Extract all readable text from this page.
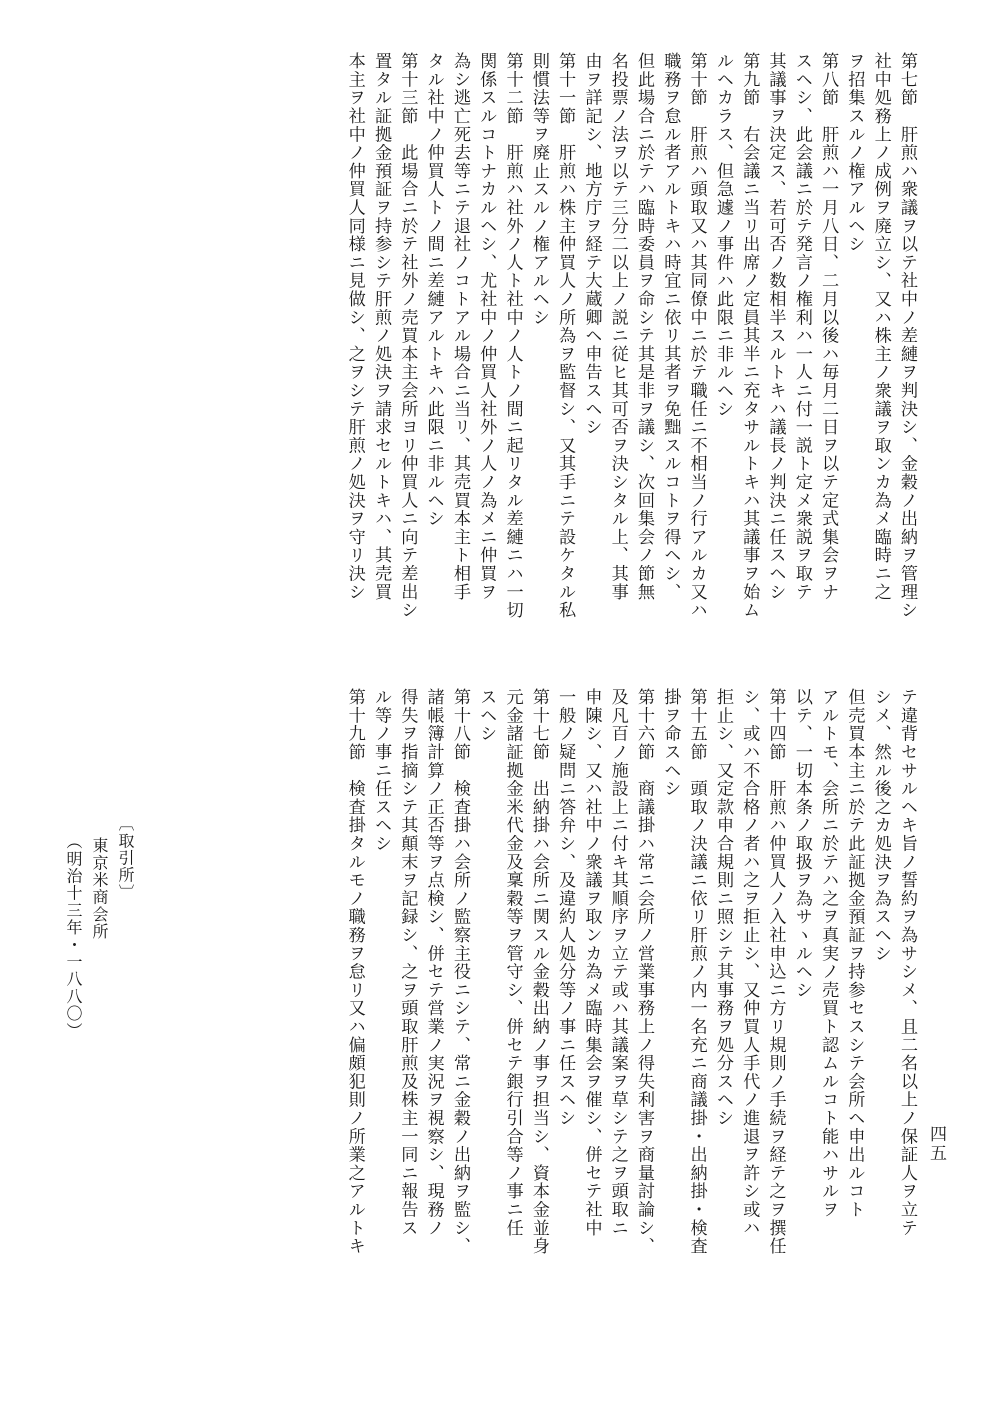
第七節　肝煎ハ衆議ヲ以テ社中ノ差縺ヲ判決シ、金穀ノ出納ヲ管理シ
社中処務上ノ成例ヲ廃立シ、又ハ株主ノ衆議ヲ取ンカ為メ臨時ニ之
ヲ招集スルノ権アルヘシ
第八節　肝煎ハ一月八日、二月以後ハ毎月二日ヲ以テ定式集会ヲナ
スヘシ、此会議ニ於テ発言ノ権利ハ一人ニ付一説ト定メ衆説ヲ取テ
其議事ヲ決定ス、若可否ノ数相半スルトキハ議長ノ判決ニ任スヘシ
第九節　右会議ニ当リ出席ノ定員其半ニ充タサルトキハ其議事ヲ始ム
ルヘカラス、但急遽ノ事件ハ此限ニ非ルヘシ
第十節　肝煎ハ頭取又ハ其同僚中ニ於テ職任ニ不相当ノ行アルカ又ハ
職務ヲ怠ル者アルトキハ時宜ニ依リ其者ヲ免黜スルコトヲ得ヘシ、
但此場合ニ於テハ臨時委員ヲ命シテ其是非ヲ議シ、次回集会ノ節無
名投票ノ法ヲ以テ三分二以上ノ説ニ従ヒ其可否ヲ決シタル上、其事
由ヲ詳記シ、地方庁ヲ経テ大蔵卿ヘ申告スヘシ
第十一節　肝煎ハ株主仲買人ノ所為ヲ監督シ、又其手ニテ設ケタル私
則慣法等ヲ廃止スルノ権アルヘシ
第十二節　肝煎ハ社外ノ人ト社中ノ人トノ間ニ起リタル差縺ニハ一切
関係スルコトナカルヘシ、尤社中ノ仲買人社外ノ人ノ為メニ仲買ヲ
為シ逃亡死去等ニテ退社ノコトアル場合ニ当リ、其売買本主ト相手
タル社中ノ仲買人トノ間ニ差縺アルトキハ此限ニ非ルヘシ
第十三節　此場合ニ於テ社外ノ売買本主会所ヨリ仲買人ニ向テ差出シ
置タル証拠金預証ヲ持参シテ肝煎ノ処決ヲ請求セルトキハ、其売買
本主ヲ社中ノ仲買人同様ニ見做シ、之ヲシテ肝煎ノ処決ヲ守リ決シ
テ違背セサルヘキ旨ノ誓約ヲ為サシメ、且二名以上ノ保証人ヲ立テ
シメ、然ル後之カ処決ヲ為スヘシ
但売買本主ニ於テ此証拠金預証ヲ持参セスシテ会所ヘ申出ルコト
アルトモ、会所ニ於テハ之ヲ真実ノ売買ト認ムルコト能ハサルヲ
以テ、一切本条ノ取扱ヲ為サヽルヘシ
第十四節　肝煎ハ仲買人ノ入社申込ニ方リ規則ノ手続ヲ経テ之ヲ撰任
シ、或ハ不合格ノ者ハ之ヲ拒止シ、又仲買人手代ノ進退ヲ許シ或ハ
拒止シ、又定款申合規則ニ照シテ其事務ヲ処分スヘシ
第十五節　頭取ノ決議ニ依リ肝煎ノ内一名充ニ商議掛・出納掛・検査
掛ヲ命スヘシ
第十六節　商議掛ハ常ニ会所ノ営業事務上ノ得失利害ヲ商量討論シ、
及凡百ノ施設上ニ付キ其順序ヲ立テ或ハ其議案ヲ草シテ之ヲ頭取ニ
申陳シ、又ハ社中ノ衆議ヲ取ンカ為メ臨時集会ヲ催シ、併セテ社中
一般ノ疑問ニ答弁シ、及違約人処分等ノ事ニ任スヘシ
第十七節　出納掛ハ会所ニ関スル金穀出納ノ事ヲ担当シ、資本金並身
元金諸証拠金米代金及稟穀等ヲ管守シ、併セテ銀行引合等ノ事ニ任
スヘシ
第十八節　検査掛ハ会所ノ監察主役ニシテ、常ニ金穀ノ出納ヲ監シ、
諸帳簿計算ノ正否等ヲ点検シ、併セテ営業ノ実況ヲ視察シ、現務ノ
得失ヲ指摘シテ其顛末ヲ記録シ、之ヲ頭取肝煎及株主一同ニ報告ス
ル等ノ事ニ任スヘシ
第十九節　検査掛タルモノ職務ヲ怠リ又ハ偏頗犯則ノ所業之アルトキ
〔取引所〕
東京米商会所
（明治十三年・一八八〇）
四五
